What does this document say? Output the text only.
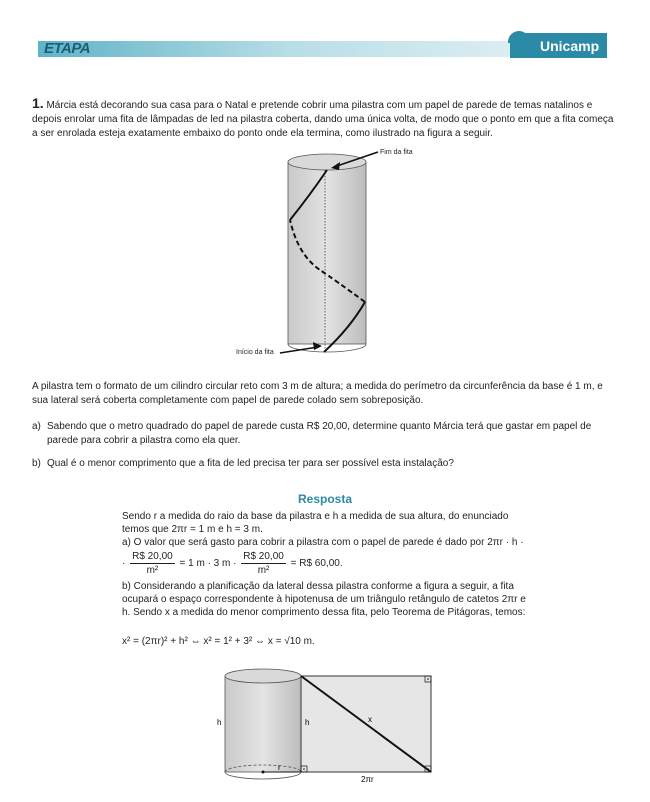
ETAPA	Unicamp
1. Márcia está decorando sua casa para o Natal e pretende cobrir uma pilastra com um papel de parede de temas natalinos e depois enrolar uma fita de lâmpadas de led na pilastra coberta, dando uma única volta, de modo que o ponto em que a fita começa a ser enrolada esteja exatamente embaixo do ponto onde ela termina, como ilustrado na figura a seguir.
Fim da fita
Início da fita
A pilastra tem o formato de um cilindro circular reto com 3 m de altura; a medida do perímetro da circunferência da base é 1 m, e sua lateral será coberta completamente com papel de parede colado sem sobreposição.
a) Sabendo que o metro quadrado do papel de parede custa R$ 20,00, determine quanto Márcia terá que gastar em papel de parede para cobrir a pilastra como ela quer.
b) Qual é o menor comprimento que a fita de led precisa ter para ser possível esta instalação?
Resposta
Sendo r a medida do raio da base da pilastra e h a medida de sua altura, do enunciado temos que 2πr = 1 m e h = 3 m.
a) O valor que será gasto para cobrir a pilastra com o papel de parede é dado por 2πr · h ·
· $\frac{R\$ 20,00}{\text{m²}} = 1$ m · 3 $m \cdot \frac{R\$ 20,00}{\text{m²}}$ = R$ 60,00.
b) Considerando a planificação da lateral dessa pilastra conforme a figura a seguir, a fita ocupará o espaço correspondente à hipotenusa de um triângulo retângulo de catetos 2πr e h. Sendo x a medida do menor comprimento dessa fita, pelo Teorema de Pitágoras, temos:
x² = (2πr)² + h² ⇔ x² = 1² + 3² ⇔ x = √10 m.
h	h
r
x
2πr
